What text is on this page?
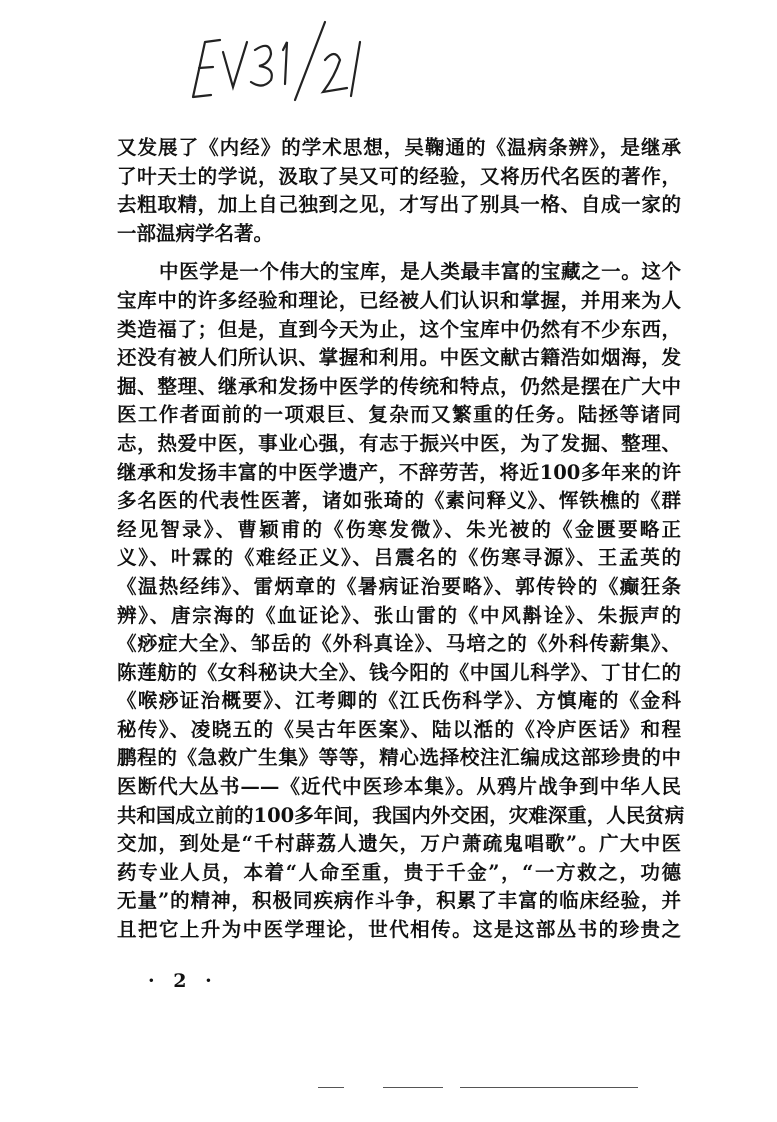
又发展了《内经》的学术思想，吴鞠通的《温病条辨》，是继承
了叶天士的学说，汲取了吴又可的经验，又将历代名医的著作，
去粗取精，加上自己独到之见，才写出了别具一格、自成一家的
一部温病学名著。
中医学是一个伟大的宝库，是人类最丰富的宝藏之一。这个
宝库中的许多经验和理论，已经被人们认识和掌握，并用来为人
类造福了；但是，直到今天为止，这个宝库中仍然有不少东西，
还没有被人们所认识、掌握和利用。中医文献古籍浩如烟海，发
掘、整理、继承和发扬中医学的传统和特点，仍然是摆在广大中
医工作者面前的一项艰巨、复杂而又繁重的任务。陆拯等诸同
志，热爱中医，事业心强，有志于振兴中医，为了发掘、整理、
继承和发扬丰富的中医学遗产，不辞劳苦，将近100多年来的许
多名医的代表性医著，诸如张琦的《素问释义》、恽铁樵的《群
经见智录》、曹颖甫的《伤寒发微》、朱光被的《金匮要略正
义》、叶霖的《难经正义》、吕震名的《伤寒寻源》、王孟英的
《温热经纬》、雷炳章的《暑病证治要略》、郭传铃的《癫狂条
辨》、唐宗海的《血证论》、张山雷的《中风斠诠》、朱振声的
《痧症大全》、邹岳的《外科真诠》、马培之的《外科传薪集》、
陈莲舫的《女科秘诀大全》、钱今阳的《中国儿科学》、丁甘仁的
《喉痧证治概要》、江考卿的《江氏伤科学》、方慎庵的《金科
秘传》、凌晓五的《吴古年医案》、陆以湉的《冷庐医话》和程
鹏程的《急救广生集》等等，精心选择校注汇编成这部珍贵的中
医断代大丛书——《近代中医珍本集》。从鸦片战争到中华人民
共和国成立前的100多年间，我国内外交困，灾难深重，人民贫病
交加，到处是“千村薜荔人遗矢，万户萧疏鬼唱歌”。广大中医
药专业人员，本着“人命至重，贵于千金”，“一方救之，功德
无量”的精神，积极同疾病作斗争，积累了丰富的临床经验，并
且把它上升为中医学理论，世代相传。这是这部丛书的珍贵之
· 2 ·
